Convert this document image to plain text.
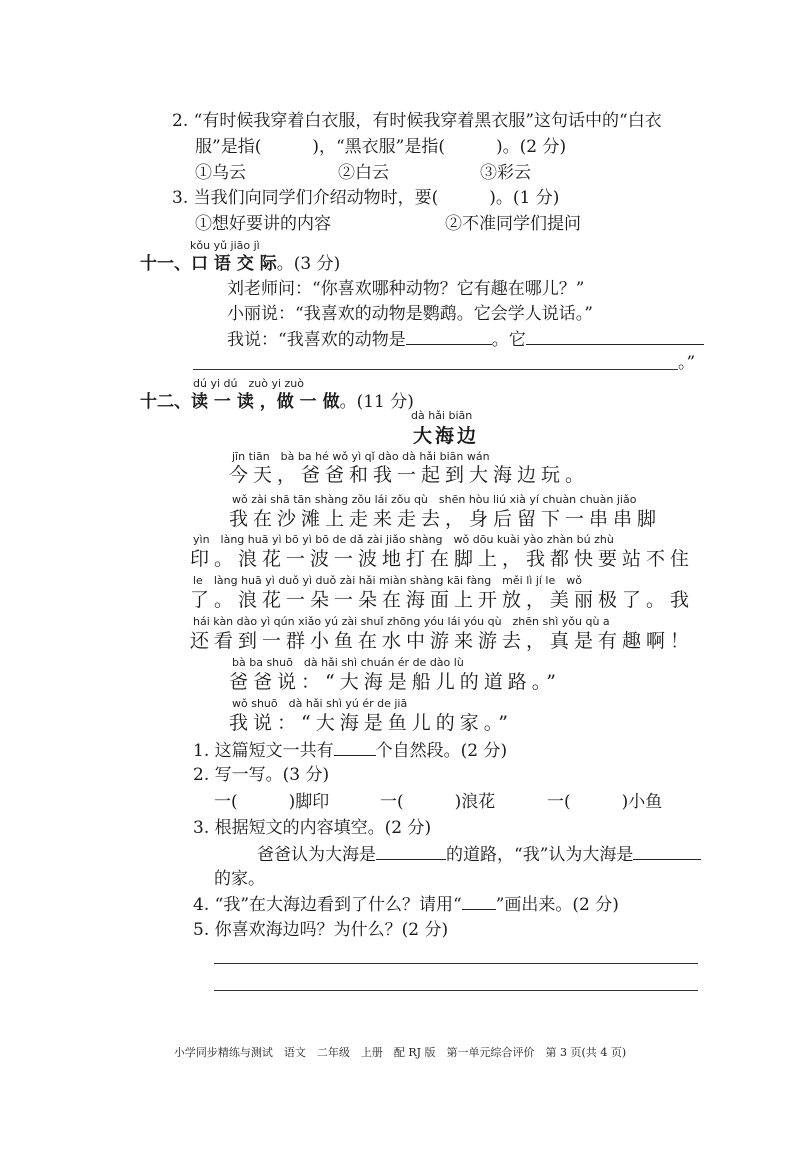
2. “有时候我穿着白衣服，有时候我穿着黑衣服”这句话中的“白衣
服”是指(　　　)，“黑衣服”是指(　　　)。(2 分)
①乌云	②白云	③彩云
3. 当我们向同学们介绍动物时，要(　　　)。(1 分)
①想好要讲的内容	②不准同学们提问
kǒu yǔ jiāo jì
十一、口 语 交 际。(3 分)
刘老师问：“你喜欢哪种动物？它有趣在哪儿？”
小丽说：“我喜欢的动物是鹦鹉。它会学人说话。”
我说：“我喜欢的动物是	。它
。”
dú yi dú　zuò yi zuò
十二、读 一 读 ，做 一 做。(11 分)
dà hǎi biān
大海边
jīn tiān　bà ba hé wǒ yì qǐ dào dà hǎi biān wán
今天，爸爸和我一起到大海边玩。
wǒ zài shā tān shàng zǒu lái zǒu qù　shēn hòu liú xià yí chuàn chuàn jiǎo
我在沙滩上走来走去，身后留下一串串脚
yìn　làng huā yì bō yì bō de dǎ zài jiǎo shàng　wǒ dōu kuài yào zhàn bú zhù
印。浪花一波一波地打在脚上，我都快要站不住
le　làng huā yì duǒ yì duǒ zài hǎi miàn shàng kāi fàng　měi lì jí le　wǒ
了。浪花一朵一朵在海面上开放，美丽极了。我
hái kàn dào yì qún xiǎo yú zài shuǐ zhōng yóu lái yóu qù　zhēn shì yǒu qù a
还看到一群小鱼在水中游来游去，真是有趣啊！
bà ba shuō　dà hǎi shì chuán ér de dào lù
爸爸说：“大海是船儿的道路。”
wǒ shuō　dà hǎi shì yú ér de jiā
我说：“大海是鱼儿的家。”
1. 这篇短文一共有 个自然段。(2 分)
2. 写一写。(3 分)
一(　　　)脚印	一(　　　)浪花	一(　　　)小鱼
3. 根据短文的内容填空。(2 分)
爸爸认为大海是	的道路，“我”认为大海是
的家。
4. “我”在大海边看到了什么？请用“ ”画出来。(2 分)
5. 你喜欢海边吗？为什么？(2 分)
小学同步精练与测试　语文　二年级　上册　配 RJ 版　第一单元综合评价　第 3 页(共 4 页)
